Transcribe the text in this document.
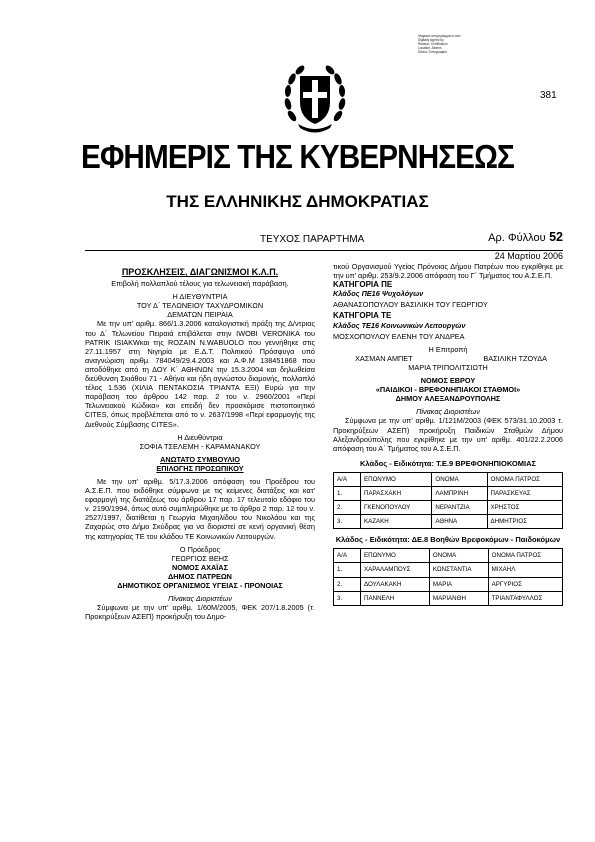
Ψηφιακά υπογεγραμμένο από
Digitally signed by
Reason: Certification
Location: Athens
Εθνικό Τυπογραφείο
381
ΕΦΗΜΕΡΙΣ ΤΗΣ ΚΥΒΕΡΝΗΣΕΩΣ
ΤΗΣ ΕΛΛΗΝΙΚΗΣ ΔΗΜΟΚΡΑΤΙΑΣ
ΤΕΥΧΟΣ ΠΑΡΑΡΤΗΜΑ	Αρ. Φύλλου 52
24 Μαρτίου 2006
ΠΡΟΣΚΛΗΣΕΙΣ, ΔΙΑΓΩΝΙΣΜΟΙ Κ.Λ.Π.
Επιβολή πολλαπλού τέλους για τελωνειακή παράβαση.
Η ΔΙΕΥΘΥΝΤΡΙΑ
ΤΟΥ Δ΄ ΤΕΛΩΝΕΙΟΥ ΤΑΧΥΔΡΟΜΙΚΩΝ
ΔΕΜΑΤΩΝ ΠΕΙΡΑΙΑ
Με την υπ' αριθμ. 866/1.3.2006 καταλογιστική πράξη της Δ/ντριας του Δ΄ Τελωνείου Πειραιά επιβάλεται στην IWOBI VERONIKA του PATRIK ISIAKWκαι της ROZAIN N.WABUOLO που γεννήθηκε στις 27.11.1957 στη Νιγηρία με Ε.Δ.Τ. Πολιτικού Πρόσφυγα υπό αναγνώριση αριθμ. 784049/29.4.2003 και Α.Φ.Μ 138451868 που αποδόθηκε από τη ΔΟΥ Κ΄ ΑΘΗΝΩΝ την 15.3.2004 και δηλωθείσα διεύθυνση Σκιάθου 71 - Αθήνα και ήδη αγνώστου διαμονής, πολλαπλό τέλος 1.536 (ΧΙΛΙΑ ΠΕΝΤΑΚΟΣΙΑ ΤΡΙΑΝΤΑ ΕΞΙ) Ευρώ για την παράβαση του άρθρου 142 παρ. 2 του ν. 2960/2001 «Περί Τελωνειακού Κώδικα» και επειδή δεν προσκόμισε πιστοποιητικό CITES, όπως προβλέπεται από το ν. 2637/1998 «Περί εφαρμογής της Διεθνούς Σύμβασης CITES».
Η Διευθύντρια
ΣΟΦΙΑ ΤΣΕΛΕΜΗ - ΚΑΡΑΜΑΝΑΚΟΥ
ΑΝΩΤΑΤΟ ΣΥΜΒΟΥΛΙΟ
ΕΠΙΛΟΓΗΣ ΠΡΟΣΩΠΙΚΟΥ
Με την υπ' αριθμ. 5/17.3.2006 απόφαση του Προέδρου του Α.Σ.Ε.Π. που εκδόθηκε σύμφωνα με τις κείμενες διατάξεις και κατ' εφαρμογή της διατάξεως του άρθρου 17 παρ. 17 τελευταίο εδάφιο του ν. 2190/1994, όπως αυτό συμπληρώθηκε με το άρθρο 2 παρ. 12 του ν. 2527/1997, διατίθεται η Γεωργία Μιχαηλίδου του Νικολάου και της Ζαχαρώς στο Δήμο Σκύδρας για να διοριστεί σε κενή οργανική θέση της κατηγορίας ΤΕ του κλάδου ΤΕ Κοινωνικών Λειτουργών.
Ο Πρόεδρος
ΓΕΩΡΓΙΟΣ ΒΕΗΣ
ΝΟΜΟΣ ΑΧΑΪΑΣ
ΔΗΜΟΣ ΠΑΤΡΕΩΝ
ΔΗΜΟΤΙΚΟΣ ΟΡΓΑΝΙΣΜΟΣ ΥΓΕΙΑΣ - ΠΡΟΝΟΙΑΣ
Πίνακας Διοριστέων
Σύμφωνα με την υπ' αριθμ. 1/60Μ/2005, ΦΕΚ 207/1.8.2005 (τ. Προκηρύξεων ΑΣΕΠ) προκήρυξη του Δημο-
τικού Οργανισμού Υγείας Πρόνοιας Δήμου Πατρέων που εγκρίθηκε με την υπ' αριθμ. 253/9.2.2006 απόφαση του Γ΄ Τμήματος του Α.Σ.Ε.Π.
ΚΑΤΗΓΟΡΙΑ ΠΕ
Κλάδος ΠΕ16 Ψυχολόγων
ΑΘΑΝΑΣΟΠΟΥΛΟΥ ΒΑΣΙΛΙΚΗ ΤΟΥ ΓΕΩΡΓΙΟΥ
ΚΑΤΗΓΟΡΙΑ ΤΕ
Κλάδος ΤΕ16 Κοινωνικών Λειτουργών
ΜΟΣΧΟΠΟΥΛΟΥ ΕΛΕΝΗ ΤΟΥ ΑΝΔΡΕΑ
Η Επιτροπή
ΧΑΣΜΑΝ ΑΜΠΕΤ	ΒΑΣΙΛΙΚΗ ΤΖΟΥΔΑ
ΜΑΡΙΑ ΤΡΙΠΟΛΙΤΣΙΩΤΗ
ΝΟΜΟΣ ΕΒΡΟΥ
«ΠΑΙΔΙΚΟΙ - ΒΡΕΦΟΝΗΠΙΑΚΟΙ ΣΤΑΘΜΟΙ»
ΔΗΜΟΥ ΑΛΕΞΑΝΔΡΟΥΠΟΛΗΣ
Πίνακας Διοριστέων
Σύμφωνα με την υπ' αριθμ. 1/121Μ/2003 (ΦΕΚ 573/31.10.2003 τ. Προκηρύξεων ΑΣΕΠ) προκήρυξη Παιδικών Σταθμών Δήμου Αλεξανδρούπολης που εγκρίθηκε με την υπ' αριθμ. 401/22.2.2006 απόφαση του Α΄ Τμήματος του Α.Σ.Ε.Π.
Κλάδος - Ειδικότητα: Τ.Ε.9 ΒΡΕΦΟΝΗΠΙΟΚΟΜΙΑΣ
Α/Α	ΕΠΩΝΥΜΟ	ΟΝΟΜΑ	ΟΝΟΜΑ ΠΑΤΡΟΣ
1.	ΠΑΡΑΣΧΑΚΗ	ΛΑΜΠΡΙΝΗ	ΠΑΡΑΣΚΕΥΑΣ
2.	ΓΚΕΝΟΠΟΥΛΟΥ	ΝΕΡΑΝΤΖΙΑ	ΧΡΗΣΤΟΣ
3.	ΚΑΖΑΚΗ	ΑΘΗΝΑ	ΔΗΜΗΤΡΙΟΣ
Κλάδος - Ειδικότητα: ΔΕ.8 Βοηθών Βρεφοκόμων - Παιδοκόμων
Α/Α	ΕΠΩΝΥΜΟ	ΟΝΟΜΑ	ΟΝΟΜΑ ΠΑΤΡΟΣ
1.	ΧΑΡΑΛΑΜΠΟΥΣ	ΚΩΝΣΤΑΝΤΙΑ	ΜΙΧΑΗΛ
2.	ΔΟΥΛΑΚΑΚΗ	ΜΑΡΙΑ	ΑΡΓΥΡΙΟΣ
3.	ΠΑΝΝΕΛΗ	ΜΑΡΙΑΝΘΗ	ΤΡΙΑΝΤΑΦΥΛΛΟΣ
